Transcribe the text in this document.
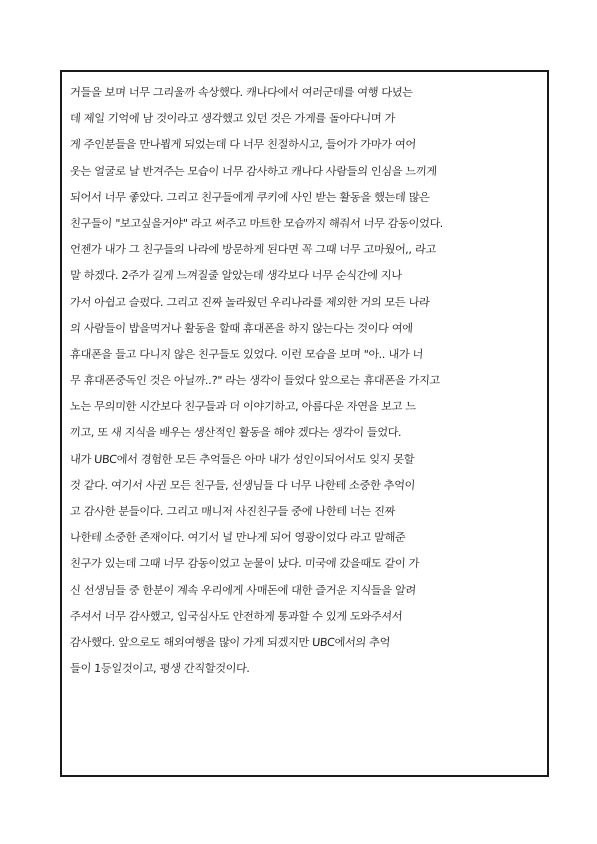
거들을 보며 너무 그리울까 속상했다. 캐나다에서 여러군데를 여행 다녔는
데 제일 기억에 남 것이라고 생각했고 있던 것은 가게를 돌아다니며 가
게 주인분들을 만나뵙게 되었는데 다 너무 친절하시고, 들어가 가마가 여어
웃는 얼굴로 날 반겨주는 모습이 너무 감사하고 캐나다 사람들의 인심을 느끼게
되어서 너무 좋았다. 그리고 친구들에게 쿠키에 사인 받는 활동을 했는데 많은
친구들이 "보고싶을거야" 라고 써주고 마트한 모습까지 해줘서 너무 감동이었다.
언젠가 내가 그 친구들의 나라에 방문하게 된다면 꼭 그때 너무 고마웠어,, 라고
말 하겠다. 2주가 길게 느껴질줄 알았는데 생각보다 너무 순식간에 지나
가서 아쉽고 슬펐다. 그리고 진짜 놀라웠던 우리나라를 제외한 거의 모든 나라
의 사람들이 밥을먹거나 활동을 할때 휴대폰을 하지 않는다는 것이다 여에
휴대폰을 들고 다니지 않은 친구들도 있었다. 이런 모습을 보며 "아.. 내가 너
무 휴대폰중독인 것은 아닐까..?" 라는 생각이 들었다 앞으로는 휴대폰을 가지고
노는 무의미한 시간보다 친구들과 더 이야기하고, 아름다운 자연을 보고 느
끼고, 또 새 지식을 배우는 생산적인 활동을 해야 겠다는 생각이 들었다.
내가 UBC에서 경험한 모든 추억들은 아마 내가 성인이되어서도 잊지 못할
것 같다. 여기서 사귄 모든 친구들, 선생님들 다 너무 나한테 소중한 추억이
고 감사한 분들이다. 그리고 매니저 사진친구들 중에 나한테 너는 진짜
나한테 소중한 존재이다. 여기서 널 만나게 되어 영광이었다 라고 말해준
친구가 있는데 그때 너무 감동이었고 눈물이 났다. 미국에 갔을때도 같이 가
신 선생님들 중 한분이 계속 우리에게 사매돈에 대한 즐거운 지식들을 알려
주셔서 너무 감사했고, 입국심사도 안전하게 통과할 수 있게 도와주셔서
감사했다. 앞으로도 해외여행을 많이 가게 되겠지만 UBC에서의 추억
들이 1등일것이고, 평생 간직할것이다.
